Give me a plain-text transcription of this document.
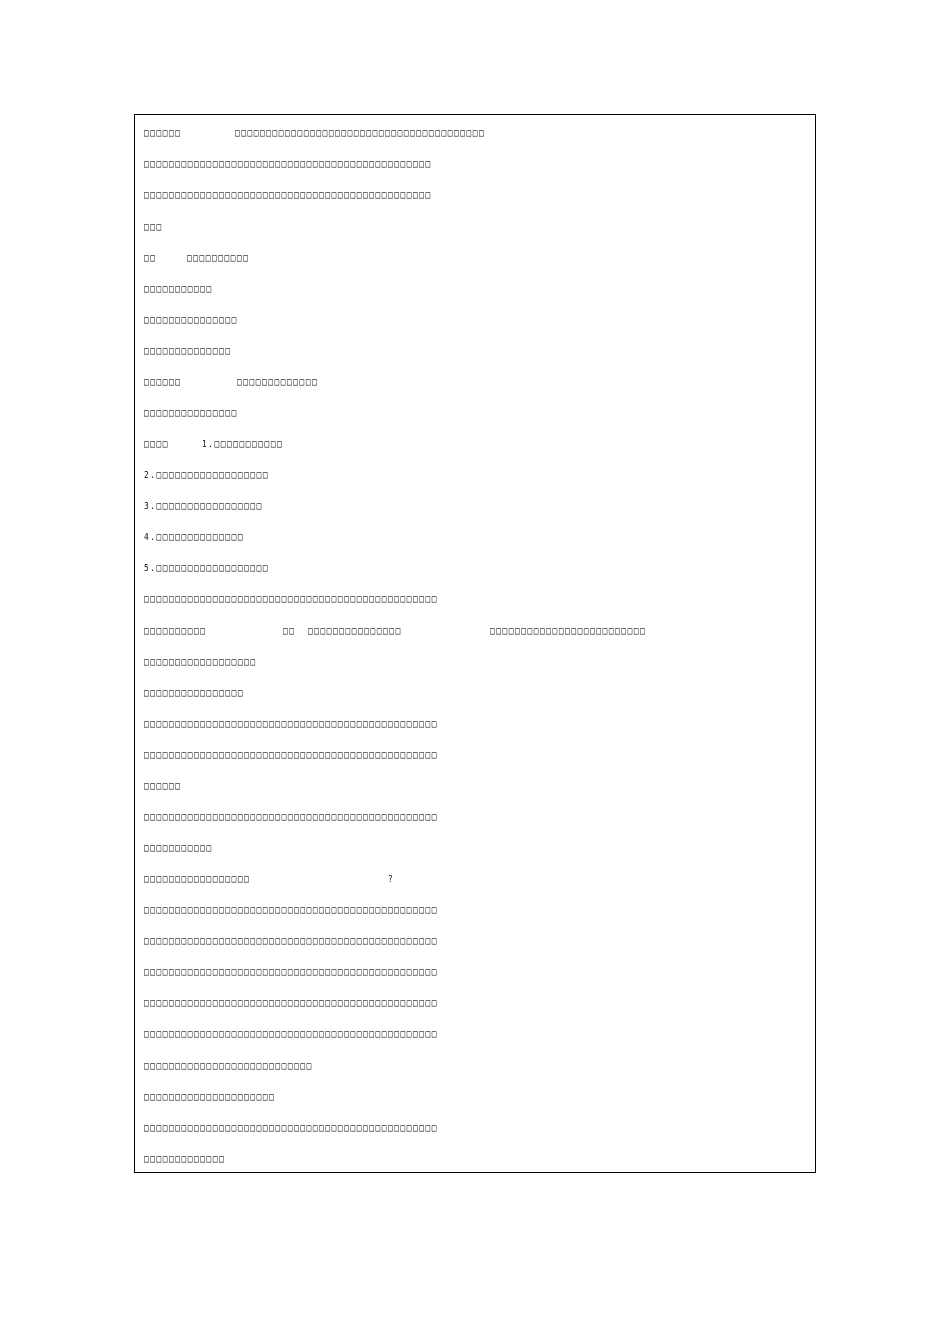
□□□□□□	□□□□□□□□□□□□□□□□□□□□□□□□□□□□□□□□□□□□□□□□
□□□□□□□□□□□□□□□□□□□□□□□□□□□□□□□□□□□□□□□□□□□□□□
□□□□□□□□□□□□□□□□□□□□□□□□□□□□□□□□□□□□□□□□□□□□□□
□□□
□□	□□□□□□□□□□
□□□□□□□□□□□
□□□□□□□□□□□□□□□
□□□□□□□□□□□□□□
□□□□□□	□□□□□□□□□□□□□
□□□□□□□□□□□□□□□
□□□□	1.□□□□□□□□□□□
2.□□□□□□□□□□□□□□□□□□
3.□□□□□□□□□□□□□□□□□
4.□□□□□□□□□□□□□□
5.□□□□□□□□□□□□□□□□□□
□□□□□□□□□□□□□□□□□□□□□□□□□□□□□□□□□□□□□□□□□□□□□□□
□□□□□□□□□□	□□ □□□□□□□□□□□□□□□	□□□□□□□□□□□□□□□□□□□□□□□□□
□□□□□□□□□□□□□□□□□□
□□□□□□□□□□□□□□□□
□□□□□□□□□□□□□□□□□□□□□□□□□□□□□□□□□□□□□□□□□□□□□□□
□□□□□□□□□□□□□□□□□□□□□□□□□□□□□□□□□□□□□□□□□□□□□□□
□□□□□□
□□□□□□□□□□□□□□□□□□□□□□□□□□□□□□□□□□□□□□□□□□□□□□□
□□□□□□□□□□□
□□□□□□□□□□□□□□□□□	?
□□□□□□□□□□□□□□□□□□□□□□□□□□□□□□□□□□□□□□□□□□□□□□□
□□□□□□□□□□□□□□□□□□□□□□□□□□□□□□□□□□□□□□□□□□□□□□□
□□□□□□□□□□□□□□□□□□□□□□□□□□□□□□□□□□□□□□□□□□□□□□□
□□□□□□□□□□□□□□□□□□□□□□□□□□□□□□□□□□□□□□□□□□□□□□□
□□□□□□□□□□□□□□□□□□□□□□□□□□□□□□□□□□□□□□□□□□□□□□□
□□□□□□□□□□□□□□□□□□□□□□□□□□□
□□□□□□□□□□□□□□□□□□□□□
□□□□□□□□□□□□□□□□□□□□□□□□□□□□□□□□□□□□□□□□□□□□□□□
□□□□□□□□□□□□□
